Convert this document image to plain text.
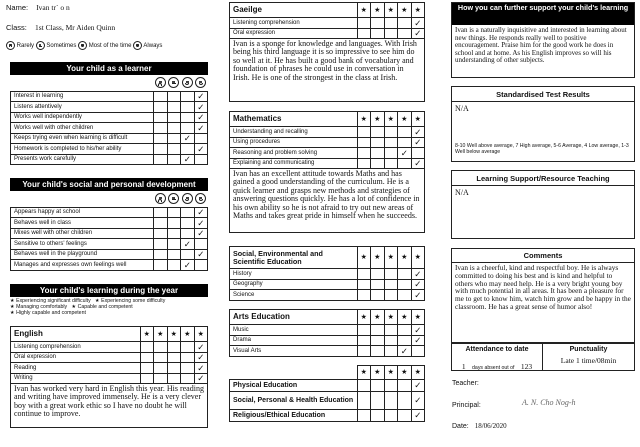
Name: Ivan tr` o n
Class: 1st Class, Mr Aiden Quinn
Rarely Sometimes Most of the time Always
Your child as a learner

Interest in learning				✓
Listens attentively				✓
Works well independently				✓
Works well with other children				✓
Keeps trying even when learning is difficult			✓	
Homework is completed to his/her ability				✓
Presents work carefully			✓	
Your child's social and personal development

Appears happy at school				✓
Behaves well in class				✓
Mixes well with other children				✓
Sensitive to others' feelings			✓	
Behaves well in the playground				✓
Manages and expresses own feelings well			✓	
Your child's learning during the year
★ Experiencing significant difficulty ★ Experiencing some difficulty
★ Managing comfortably ★ Capable and competent
★ Highly capable and competent
English	★	★	★	★	★
Listening comprehension					✓
Oral expression					✓
Reading					✓
Writing					✓
Ivan has worked very hard in English this year. His reading and writing have improved immensely. He is a very clever boy with a great work ethic so I have no doubt he will continue to improve.
Gaeilge	★	★	★	★	★
Listening comprehension					✓
Oral expression					✓
Ivan is a sponge for knowledge and languages. With Irish being his third language it is so impressive to see him do so well at it. He has built a good bank of vocabulary and foundation of phrases he could use in conversation in Irish. He is one of the strongest in the class at Irish.
Mathematics	★	★	★	★	★
Understanding and recalling					✓
Using procedures					✓
Reasoning and problem solving				✓	
Explaining and communicating					✓
Ivan has an excellent attitude towards Maths and has gained a good understanding of the curriculum. He is a quick learner and grasps new methods and strategies of answering questions quickly. He has a lot of confidence in his own ability so he is not afraid to try out new areas of Maths and takes great pride in himself when he succeeds.
Social, Environmental and Scientific Education	★	★	★	★	★
History					✓
Geography					✓
Science					✓
Arts Education	★	★	★	★	★
Music					✓
Drama					✓
Visual Arts				✓	
	★	★	★	★	★
Physical Education					✓
Social, Personal & Health Education					✓
Religious/Ethical Education					✓
How you can further support your child's learning
Ivan is a naturally inquisitive and interested in learning about new things. He responds really well to positive encouragement. Praise him for the good work he does in school and at home. As his English improves so will his understanding of other subjects.
Standardised Test Results
N/A
8-10 Well above average, 7 High average, 5-6 Average, 4 Low average, 1-3 Well below average
Learning Support/Resource Teaching
N/A
Comments
Ivan is a cheerful, kind and respectful boy. He is always committed to doing his best and is kind and helpful to others who may need help. He is a very bright young boy with much potential in all areas. It has been a pleasure for me to get to know him, watch him grow and be happy in the classroom. He has a great sense of humor also!
Attendance to date
1 days absent out of 123
Punctuality
Late 1 time/08min
Teacher:
Principal:	A. N. Cho Nog-h
Date: 18/06/2020
